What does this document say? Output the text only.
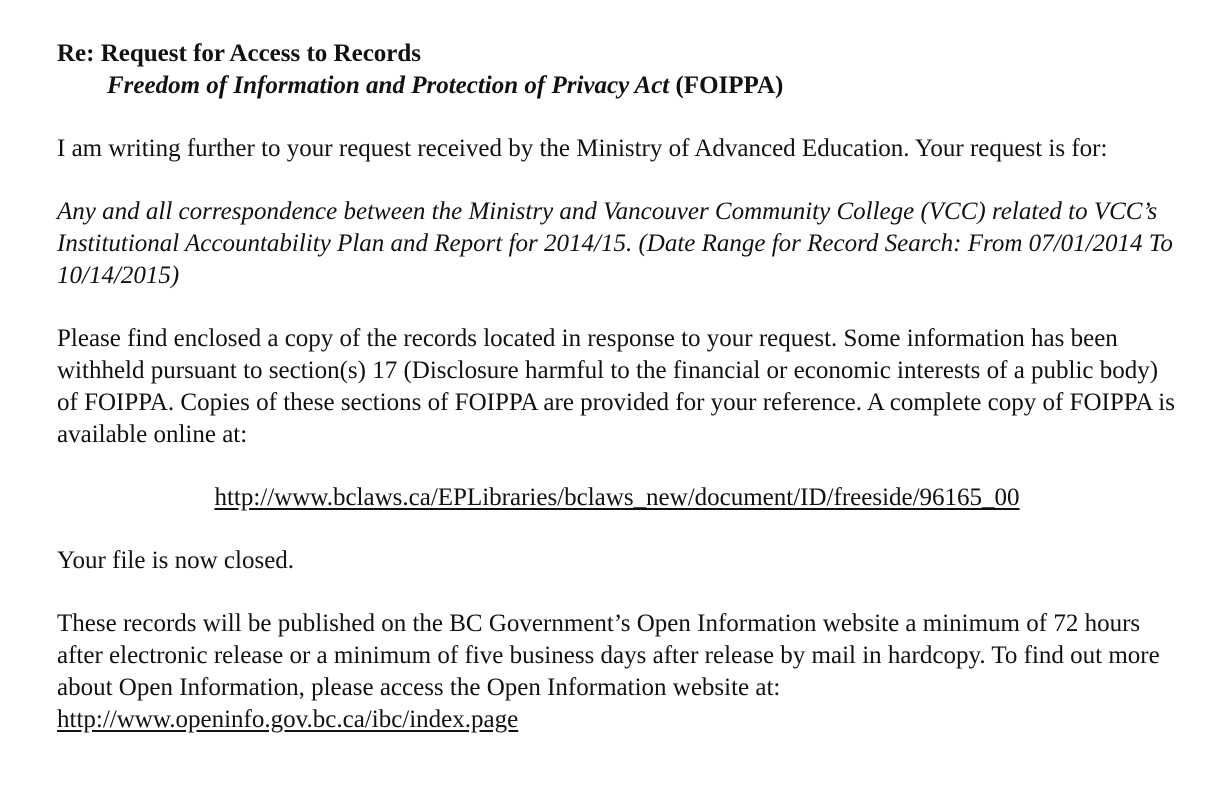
Re: Request for Access to Records
Freedom of Information and Protection of Privacy Act (FOIPPA)

I am writing further to your request received by the Ministry of Advanced Education. Your request is for:

Any and all correspondence between the Ministry and Vancouver Community College (VCC) related to VCC’s Institutional Accountability Plan and Report for 2014/15. (Date Range for Record Search: From 07/01/2014 To 10/14/2015)

Please find enclosed a copy of the records located in response to your request. Some information has been withheld pursuant to section(s) 17 (Disclosure harmful to the financial or economic interests of a public body) of FOIPPA. Copies of these sections of FOIPPA are provided for your reference. A complete copy of FOIPPA is available online at:

http://www.bclaws.ca/EPLibraries/bclaws_new/document/ID/freeside/96165_00

Your file is now closed.

These records will be published on the BC Government’s Open Information website a minimum of 72 hours after electronic release or a minimum of five business days after release by mail in hardcopy. To find out more about Open Information, please access the Open Information website at: http://www.openinfo.gov.bc.ca/ibc/index.page
